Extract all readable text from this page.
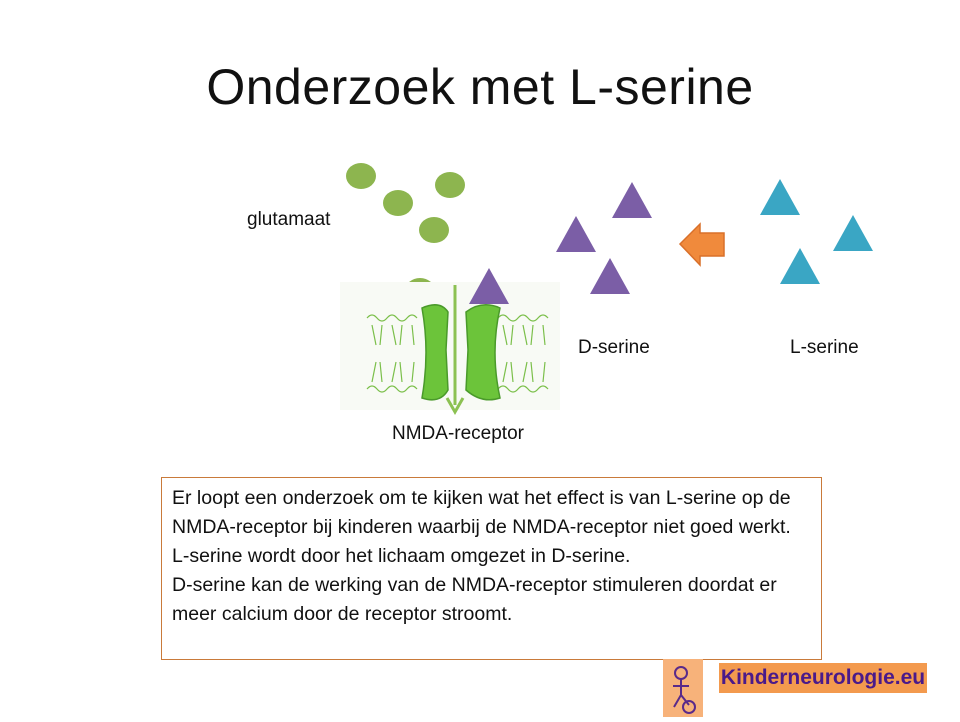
Onderzoek met L-serine
glutamaat
D-serine	L-serine
NMDA-receptor

Er loopt een onderzoek om te kijken wat het effect is van L-serine op de NMDA-receptor bij kinderen waarbij de NMDA-receptor niet goed werkt.

L-serine wordt door het lichaam omgezet in D-serine.

D-serine kan de werking van de NMDA-receptor stimuleren doordat er meer calcium door de receptor stroomt.

Kinderneurologie.eu
